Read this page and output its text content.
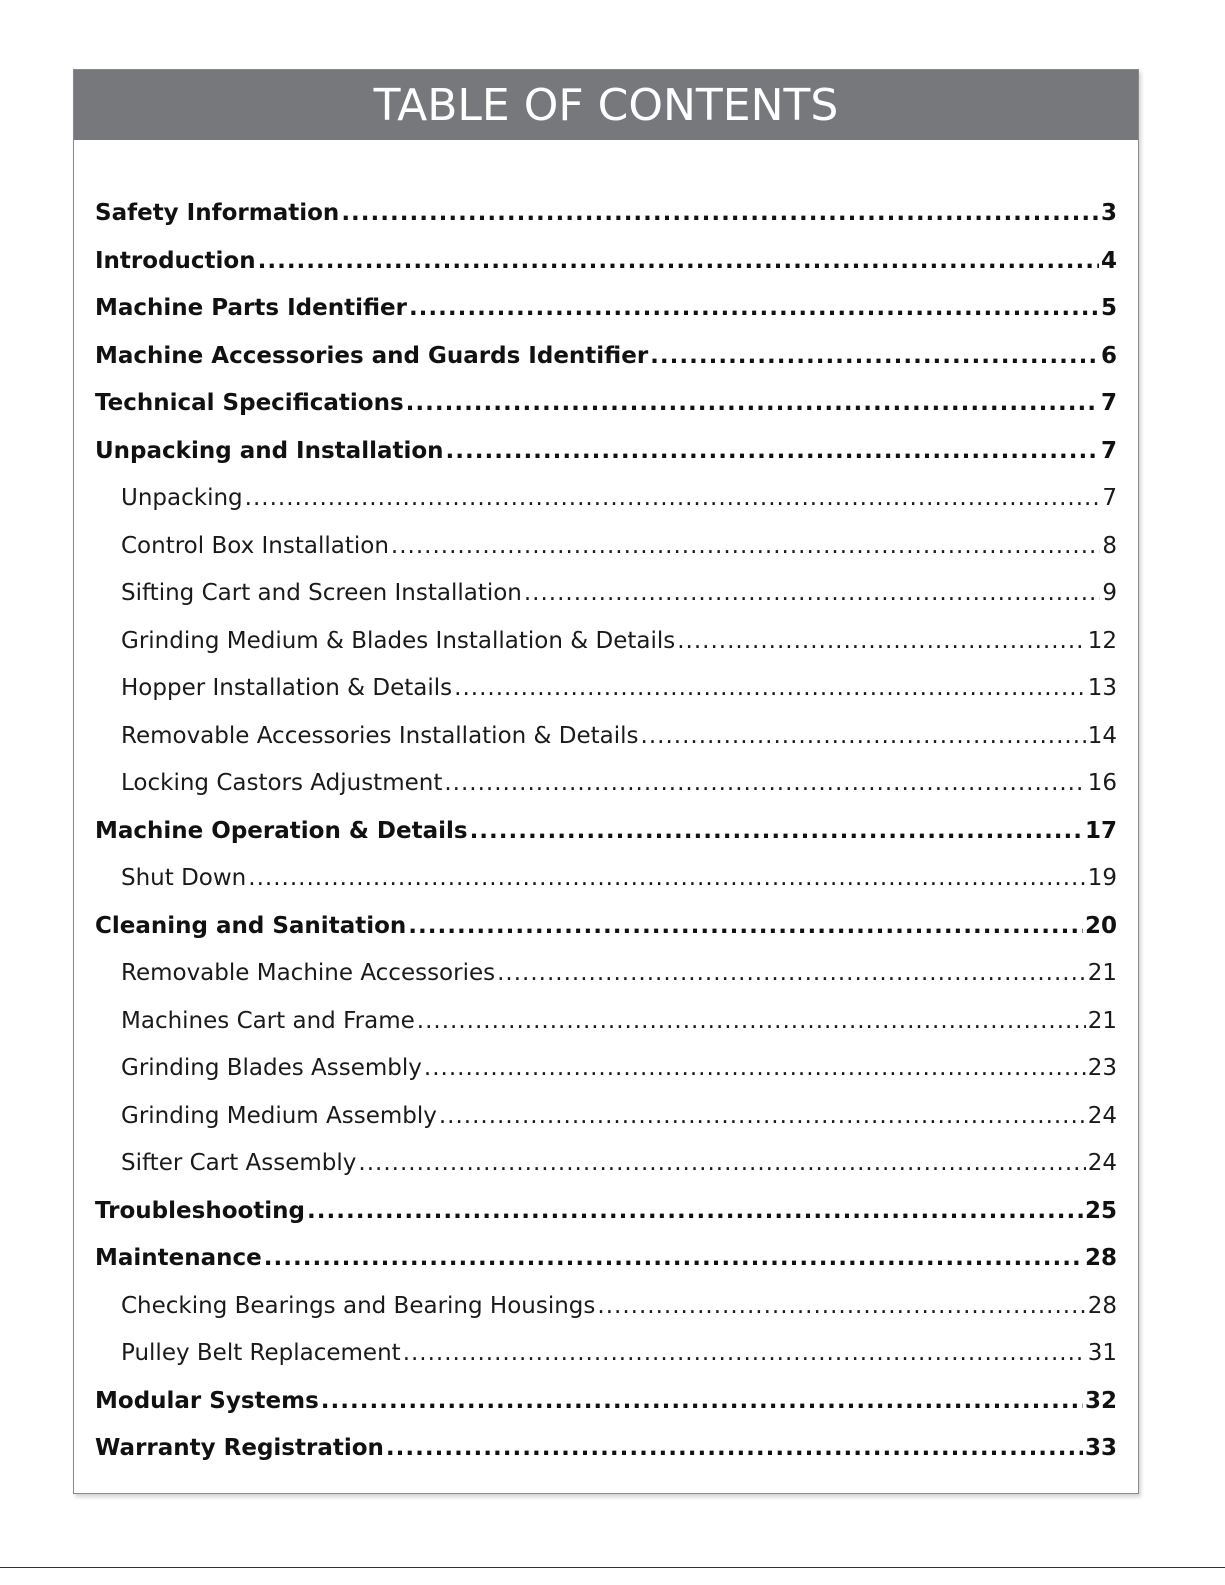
TABLE OF CONTENTS
Safety Information .....	3
Introduction .....	4
Machine Parts Identifier .....	5
Machine Accessories and Guards Identifier .....	6
Technical Specifications .....	7
Unpacking and Installation .....	7
Unpacking .....	7
Control Box Installation .....	8
Sifting Cart and Screen Installation .....	9
Grinding Medium & Blades Installation & Details .....	12
Hopper Installation & Details .....	13
Removable Accessories Installation & Details .....	14
Locking Castors Adjustment .....	16
Machine Operation & Details .....	17
Shut Down .....	19
Cleaning and Sanitation .....	20
Removable Machine Accessories .....	21
Machines Cart and Frame .....	21
Grinding Blades Assembly .....	23
Grinding Medium Assembly .....	24
Sifter Cart Assembly .....	24
Troubleshooting .....	25
Maintenance .....	28
Checking Bearings and Bearing Housings .....	28
Pulley Belt Replacement .....	31
Modular Systems .....	32
Warranty Registration .....	33
